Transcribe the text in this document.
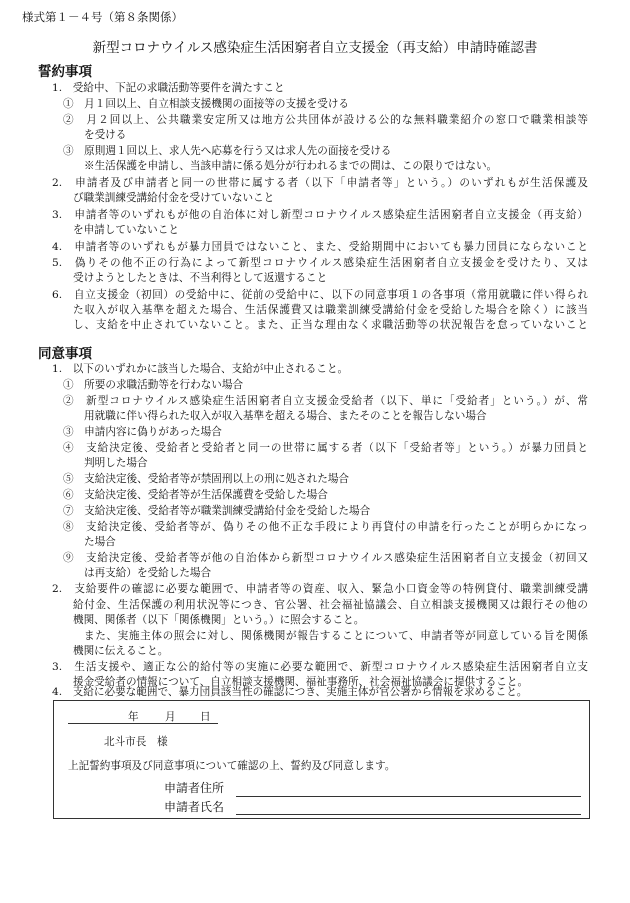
様式第１－４号（第８条関係）
新型コロナウイルス感染症生活困窮者自立支援金（再支給）申請時確認書
誓約事項
1.　受給中、下記の求職活動等要件を満たすこと
①　月１回以上、自立相談支援機関の面接等の支援を受ける
②　月２回以上、公共職業安定所又は地方公共団体が設ける公的な無料職業紹介の窓口で職業相談等
を受ける
③　原則週１回以上、求人先へ応募を行う又は求人先の面接を受ける
※生活保護を申請し、当該申請に係る処分が行われるまでの間は、この限りではない。
2.　申請者及び申請者と同一の世帯に属する者（以下「申請者等」という。）のいずれもが生活保護及
び職業訓練受講給付金を受けていないこと
3.　申請者等のいずれもが他の自治体に対し新型コロナウイルス感染症生活困窮者自立支援金（再支給）
を申請していないこと
4.　申請者等のいずれもが暴力団員ではないこと、また、受給期間中においても暴力団員にならないこと
5.　偽りその他不正の行為によって新型コロナウイルス感染症生活困窮者自立支援金を受けたり、又は
受けようとしたときは、不当利得として返還すること
6.　自立支援金（初回）の受給中に、従前の受給中に、以下の同意事項１の各事項（常用就職に伴い得られ
た収入が収入基準を超えた場合、生活保護費又は職業訓練受講給付金を受給した場合を除く）に該当
し、支給を中止されていないこと。また、正当な理由なく求職活動等の状況報告を怠っていないこと
同意事項
1.　以下のいずれかに該当した場合、支給が中止されること。
①　所要の求職活動等を行わない場合
②　新型コロナウイルス感染症生活困窮者自立支援金受給者（以下、単に「受給者」という。）が、常
用就職に伴い得られた収入が収入基準を超える場合、またそのことを報告しない場合
③　申請内容に偽りがあった場合
④　支給決定後、受給者と受給者と同一の世帯に属する者（以下「受給者等」という。）が暴力団員と
判明した場合
⑤　支給決定後、受給者等が禁固刑以上の刑に処された場合
⑥　支給決定後、受給者等が生活保護費を受給した場合
⑦　支給決定後、受給者等が職業訓練受講給付金を受給した場合
⑧　支給決定後、受給者等が、偽りその他不正な手段により再貸付の申請を行ったことが明らかになっ
た場合
⑨　支給決定後、受給者等が他の自治体から新型コロナウイルス感染症生活困窮者自立支援金（初回又
は再支給）を受給した場合
2.　支給要件の確認に必要な範囲で、申請者等の資産、収入、緊急小口資金等の特例貸付、職業訓練受講
給付金、生活保護の利用状況等につき、官公署、社会福祉協議会、自立相談支援機関又は銀行その他の
機関、関係者（以下「関係機関」という。）に照会すること。
また、実施主体の照会に対し、関係機関が報告することについて、申請者等が同意している旨を関係
機関に伝えること。
3.　生活支援や、適正な公的給付等の実施に必要な範囲で、新型コロナウイルス感染症生活困窮者自立支
援金受給者の情報について、自立相談支援機関、福祉事務所、社会福祉協議会に提供すること。
4.　支給に必要な範囲で、暴力団員該当性の確認につき、実施主体が官公署から情報を求めること。
年 月 日
北斗市長　様
上記誓約事項及び同意事項について確認の上、誓約及び同意します。
申請者住所
申請者氏名
